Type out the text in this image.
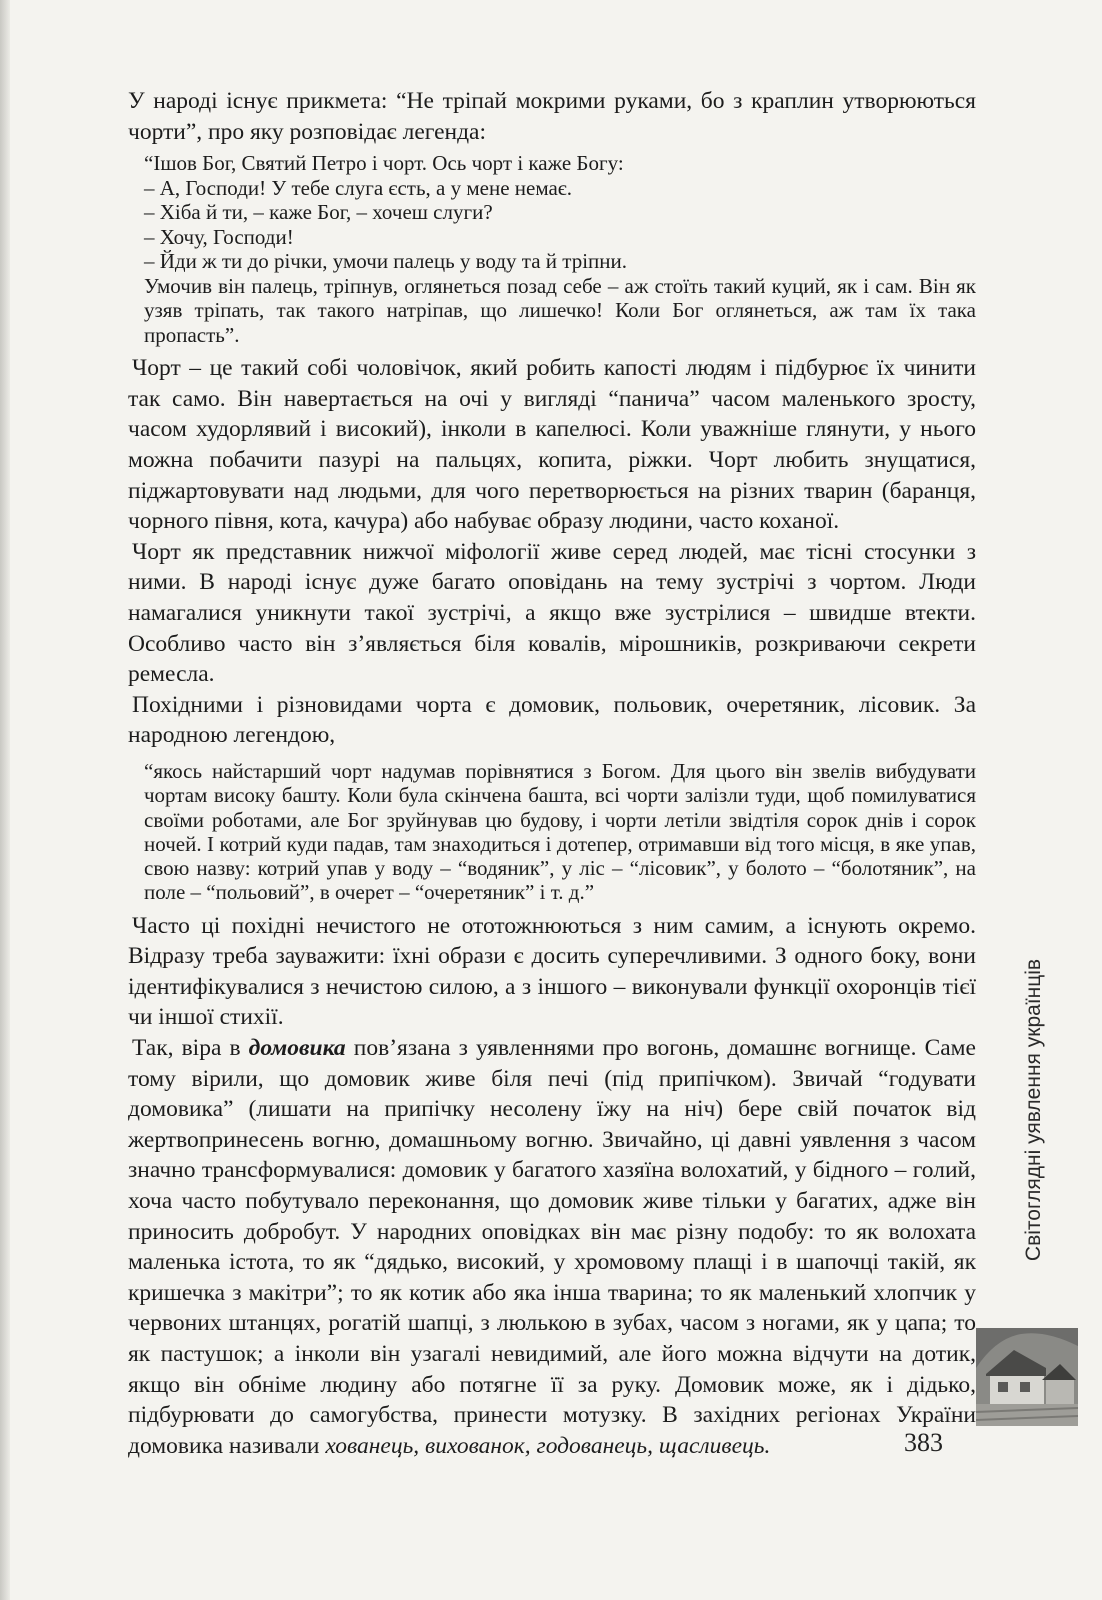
У народі існує прикмета: “Не тріпай мокрими руками, бо з краплин утворюються чорти”, про яку розповідає легенда:

“Ішов Бог, Святий Петро і чорт. Ось чорт і каже Богу:
– А, Господи! У тебе слуга єсть, а у мене немає.
– Хіба й ти, – каже Бог, – хочеш слуги?
– Хочу, Господи!
– Йди ж ти до річки, умочи палець у воду та й тріпни.
Умочив він палець, тріпнув, оглянеться позад себе – аж стоїть такий куций, як і сам. Він як узяв тріпать, так такого натріпав, що лишечко! Коли Бог оглянеться, аж там їх така пропасть”.

Чорт – це такий собі чоловічок, який робить капості людям і підбурює їх чинити так само. Він навертається на очі у вигляді “панича” часом маленького зросту, часом худорлявий і високий), інколи в капелюсі. Коли уважніше глянути, у нього можна побачити пазурі на пальцях, копита, ріжки. Чорт любить знущатися, піджартовувати над людьми, для чого перетворюється на різних тварин (баранця, чорного півня, кота, качура) або набуває образу людини, часто коханої.

Чорт як представник нижчої міфології живе серед людей, має тісні стосунки з ними. В народі існує дуже багато оповідань на тему зустрічі з чортом. Люди намагалися уникнути такої зустрічі, а якщо вже зустрілися – швидше втекти. Особливо часто він з’являється біля ковалів, мірошників, розкриваючи секрети ремесла.

Похідними і різновидами чорта є домовик, польовик, очеретяник, лісовик. За народною легендою,

“якось найстарший чорт надумав порівнятися з Богом. Для цього він звелів вибудувати чортам високу башту. Коли була скінчена башта, всі чорти залізли туди, щоб помилуватися своїми роботами, але Бог зруйнував цю будову, і чорти летіли звідтіля сорок днів і сорок ночей. І котрий куди падав, там знаходиться і дотепер, отримавши від того місця, в яке упав, свою назву: котрий упав у воду – “водяник”, у ліс – “лісовик”, у болото – “болотяник”, на поле – “польовий”, в очерет – “очеретяник” і т. д.”

Часто ці похідні нечистого не ототожнюються з ним самим, а існують окремо. Відразу треба зауважити: їхні образи є досить суперечливими. З одного боку, вони ідентифікувалися з нечистою силою, а з іншого – виконували функції охоронців тієї чи іншої стихії.

Так, віра в домовика пов’язана з уявленнями про вогонь, домашнє вогнище. Саме тому вірили, що домовик живе біля печі (під припічком). Звичай “годувати домовика” (лишати на припічку несолену їжу на ніч) бере свій початок від жертвопринесень вогню, домашньому вогню. Звичайно, ці давні уявлення з часом значно трансформувалися: домовик у багатого хазяїна волохатий, у бідного – голий, хоча часто побутувало переконання, що домовик живе тільки у багатих, адже він приносить добробут. У народних оповідках він має різну подобу: то як волохата маленька істота, то як “дядько, високий, у хромовому плащі і в шапочці такій, як кришечка з макітри”; то як котик або яка інша тварина; то як маленький хлопчик у червоних штанцях, рогатій шапці, з люлькою в зубах, часом з ногами, як у цапа; то як пастушок; а інколи він узагалі невидимий, але його можна відчути на дотик, якщо він обніме людину або потягне її за руку. Домовик може, як і дідько, підбурювати до самогубства, принести мотузку. В західних регіонах України домовика називали хованець, вихованок, годованець, щасливець.

Світоглядні уявлення українців
383
